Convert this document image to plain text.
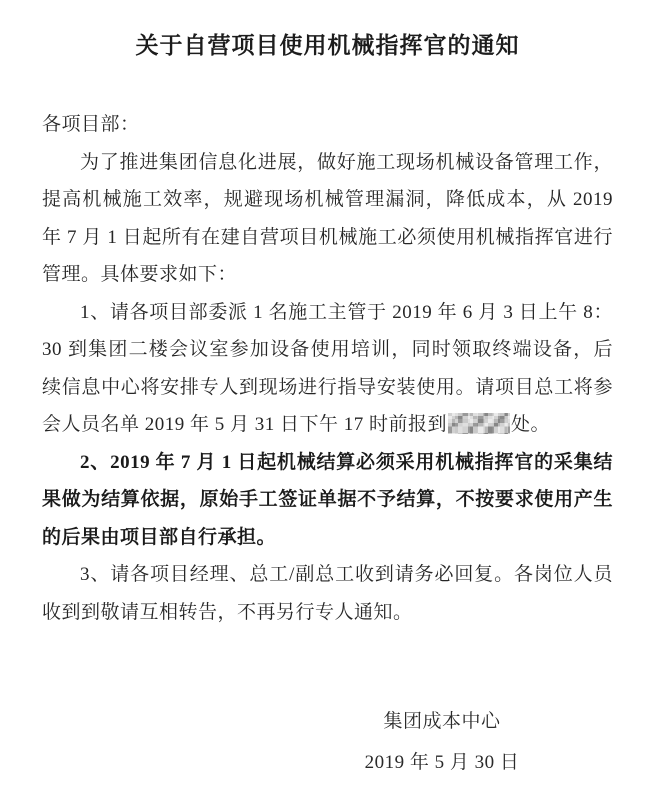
关于自营项目使用机械指挥官的通知

各项目部：

为了推进集团信息化进展，做好施工现场机械设备管理工作，提高机械施工效率，规避现场机械管理漏洞，降低成本，从 2019 年 7 月 1 日起所有在建自营项目机械施工必须使用机械指挥官进行管理。具体要求如下：

1、请各项目部委派 1 名施工主管于 2019 年 6 月 3 日上午 8：30 到集团二楼会议室参加设备使用培训，同时领取终端设备，后续信息中心将安排专人到现场进行指导安装使用。请项目总工将参会人员名单 2019 年 5 月 31 日下午 17 时前报到	处。

2、2019 年 7 月 1 日起机械结算必须采用机械指挥官的采集结果做为结算依据，原始手工签证单据不予结算，不按要求使用产生的后果由项目部自行承担。

3、请各项目经理、总工/副总工收到请务必回复。各岗位人员收到到敬请互相转告，不再另行专人通知。

集团成本中心
2019 年 5 月 30 日
